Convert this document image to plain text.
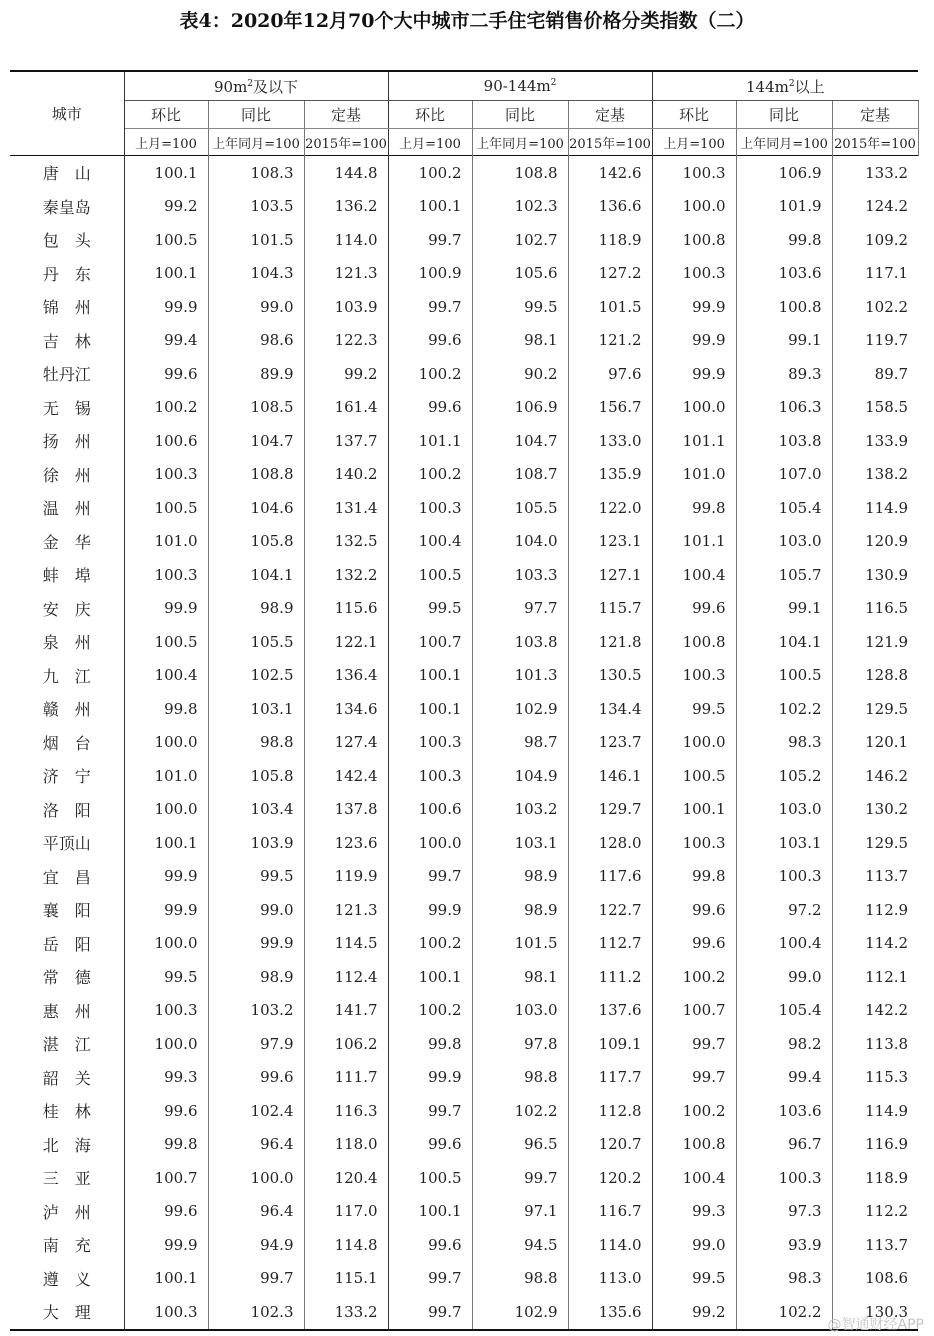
表4：2020年12月70个大中城市二手住宅销售价格分类指数（二）
城市	$90m^2$及以下			$90-144m^2$			$144m^2$以上		
	环比	同比	定基	环比	同比	定基	环比	同比	定基
	上月=100	上年同月=100	2015年=100	上月=100	上年同月=100	2015年=100	上月=100	上年同月=100	2015年=100
唐　山	100.1	108.3	144.8	100.2	108.8	142.6	100.3	106.9	133.2
秦皇岛	99.2	103.5	136.2	100.1	102.3	136.6	100.0	101.9	124.2
包　头	100.5	101.5	114.0	99.7	102.7	118.9	100.8	99.8	109.2
丹　东	100.1	104.3	121.3	100.9	105.6	127.2	100.3	103.6	117.1
锦　州	99.9	99.0	103.9	99.7	99.5	101.5	99.9	100.8	102.2
吉　林	99.4	98.6	122.3	99.6	98.1	121.2	99.9	99.1	119.7
牡丹江	99.6	89.9	99.2	100.2	90.2	97.6	99.9	89.3	89.7
无　锡	100.2	108.5	161.4	99.6	106.9	156.7	100.0	106.3	158.5
扬　州	100.6	104.7	137.7	101.1	104.7	133.0	101.1	103.8	133.9
徐　州	100.3	108.8	140.2	100.2	108.7	135.9	101.0	107.0	138.2
温　州	100.5	104.6	131.4	100.3	105.5	122.0	99.8	105.4	114.9
金　华	101.0	105.8	132.5	100.4	104.0	123.1	101.1	103.0	120.9
蚌　埠	100.3	104.1	132.2	100.5	103.3	127.1	100.4	105.7	130.9
安　庆	99.9	98.9	115.6	99.5	97.7	115.7	99.6	99.1	116.5
泉　州	100.5	105.5	122.1	100.7	103.8	121.8	100.8	104.1	121.9
九　江	100.4	102.5	136.4	100.1	101.3	130.5	100.3	100.5	128.8
赣　州	99.8	103.1	134.6	100.1	102.9	134.4	99.5	102.2	129.5
烟　台	100.0	98.8	127.4	100.3	98.7	123.7	100.0	98.3	120.1
济　宁	101.0	105.8	142.4	100.3	104.9	146.1	100.5	105.2	146.2
洛　阳	100.0	103.4	137.8	100.6	103.2	129.7	100.1	103.0	130.2
平顶山	100.1	103.9	123.6	100.0	103.1	128.0	100.3	103.1	129.5
宜　昌	99.9	99.5	119.9	99.7	98.9	117.6	99.8	100.3	113.7
襄　阳	99.9	99.0	121.3	99.9	98.9	122.7	99.6	97.2	112.9
岳　阳	100.0	99.9	114.5	100.2	101.5	112.7	99.6	100.4	114.2
常　德	99.5	98.9	112.4	100.1	98.1	111.2	100.2	99.0	112.1
惠　州	100.3	103.2	141.7	100.2	103.0	137.6	100.7	105.4	142.2
湛　江	100.0	97.9	106.2	99.8	97.8	109.1	99.7	98.2	113.8
韶　关	99.3	99.6	111.7	99.9	98.8	117.7	99.7	99.4	115.3
桂　林	99.6	102.4	116.3	99.7	102.2	112.8	100.2	103.6	114.9
北　海	99.8	96.4	118.0	99.6	96.5	120.7	100.8	96.7	116.9
三　亚	100.7	100.0	120.4	100.5	99.7	120.2	100.4	100.3	118.9
泸　州	99.6	96.4	117.0	100.1	97.1	116.7	99.3	97.3	112.2
南　充	99.9	94.9	114.8	99.6	94.5	114.0	99.0	93.9	113.7
遵　义	100.1	99.7	115.1	99.7	98.8	113.0	99.5	98.3	108.6
大　理	100.3	102.3	133.2	99.7	102.9	135.6	99.2	102.2	130.3
@智通财经APP
